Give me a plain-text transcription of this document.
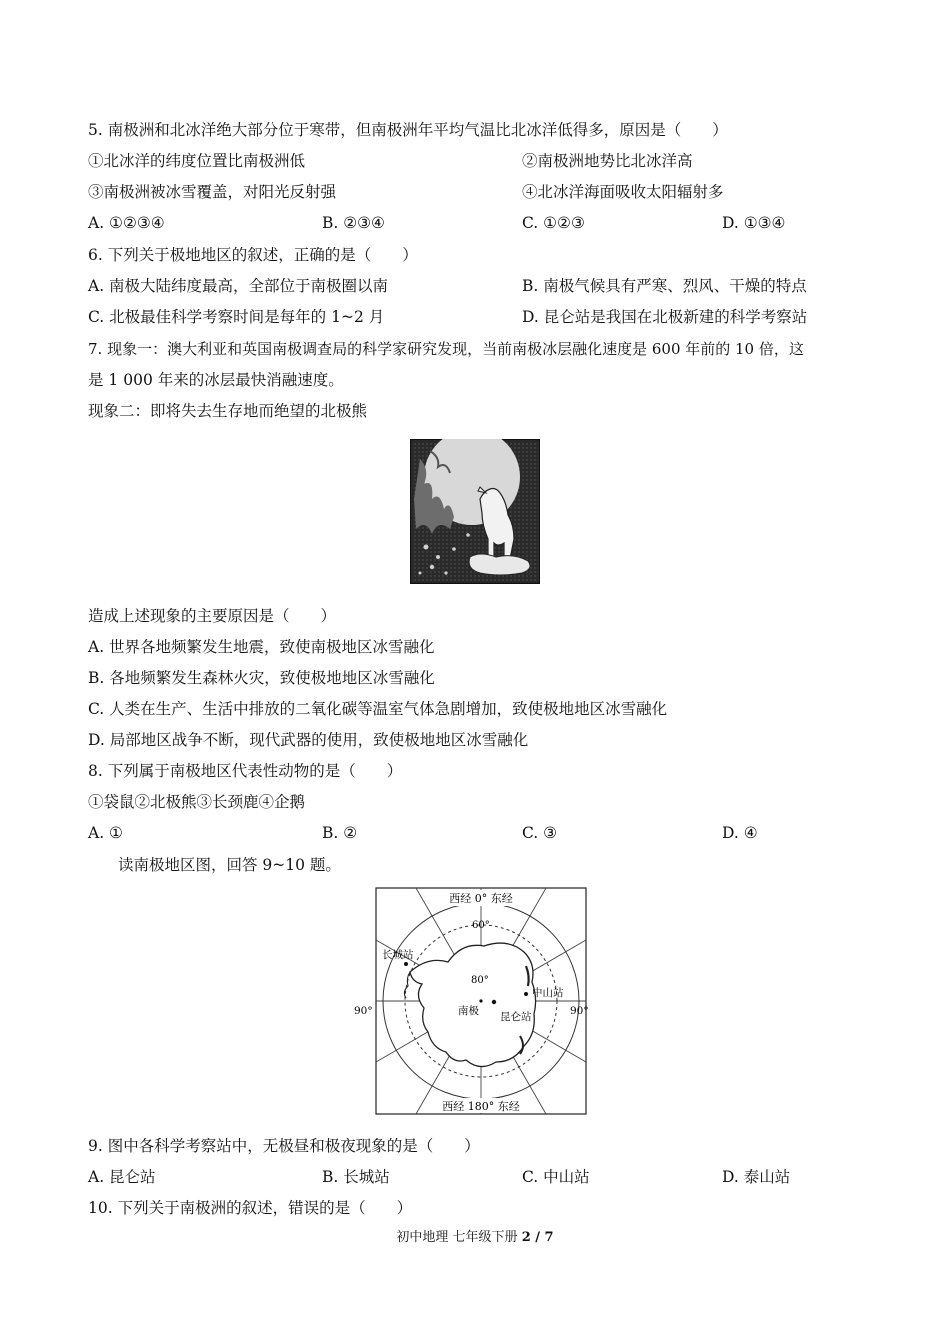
5. 南极洲和北冰洋绝大部分位于寒带，但南极洲年平均气温比北冰洋低得多，原因是（　　）
①北冰洋的纬度位置比南极洲低	②南极洲地势比北冰洋高
③南极洲被冰雪覆盖，对阳光反射强	④北冰洋海面吸收太阳辐射多
A. ①②③④	B. ②③④	C. ①②③	D. ①③④
6. 下列关于极地地区的叙述，正确的是（　　）
A. 南极大陆纬度最高，全部位于南极圈以南	B. 南极气候具有严寒、烈风、干燥的特点
C. 北极最佳科学考察时间是每年的 1~2 月	D. 昆仑站是我国在北极新建的科学考察站
7. 现象一：澳大利亚和英国南极调查局的科学家研究发现，当前南极冰层融化速度是 600 年前的 10 倍，这
是 1 000 年来的冰层最快消融速度。
现象二：即将失去生存地而绝望的北极熊
造成上述现象的主要原因是（　　）
A. 世界各地频繁发生地震，致使南极地区冰雪融化
B. 各地频繁发生森林火灾，致使极地地区冰雪融化
C. 人类在生产、生活中排放的二氧化碳等温室气体急剧增加，致使极地地区冰雪融化
D. 局部地区战争不断，现代武器的使用，致使极地地区冰雪融化
8. 下列属于南极地区代表性动物的是（　　）
①袋鼠②北极熊③长颈鹿④企鹅
A. ①	B. ②	C. ③	D. ④
读南极地区图，回答 9~10 题。
西经 0° 东经
西经 180° 东经
60°
80°
90°	90°
南极
长城站
中山站
昆仑站
9. 图中各科学考察站中，无极昼和极夜现象的是（　　）
A. 昆仑站	B. 长城站	C. 中山站	D. 泰山站
10. 下列关于南极洲的叙述，错误的是（　　）
初中地理 七年级下册 2 / 7
